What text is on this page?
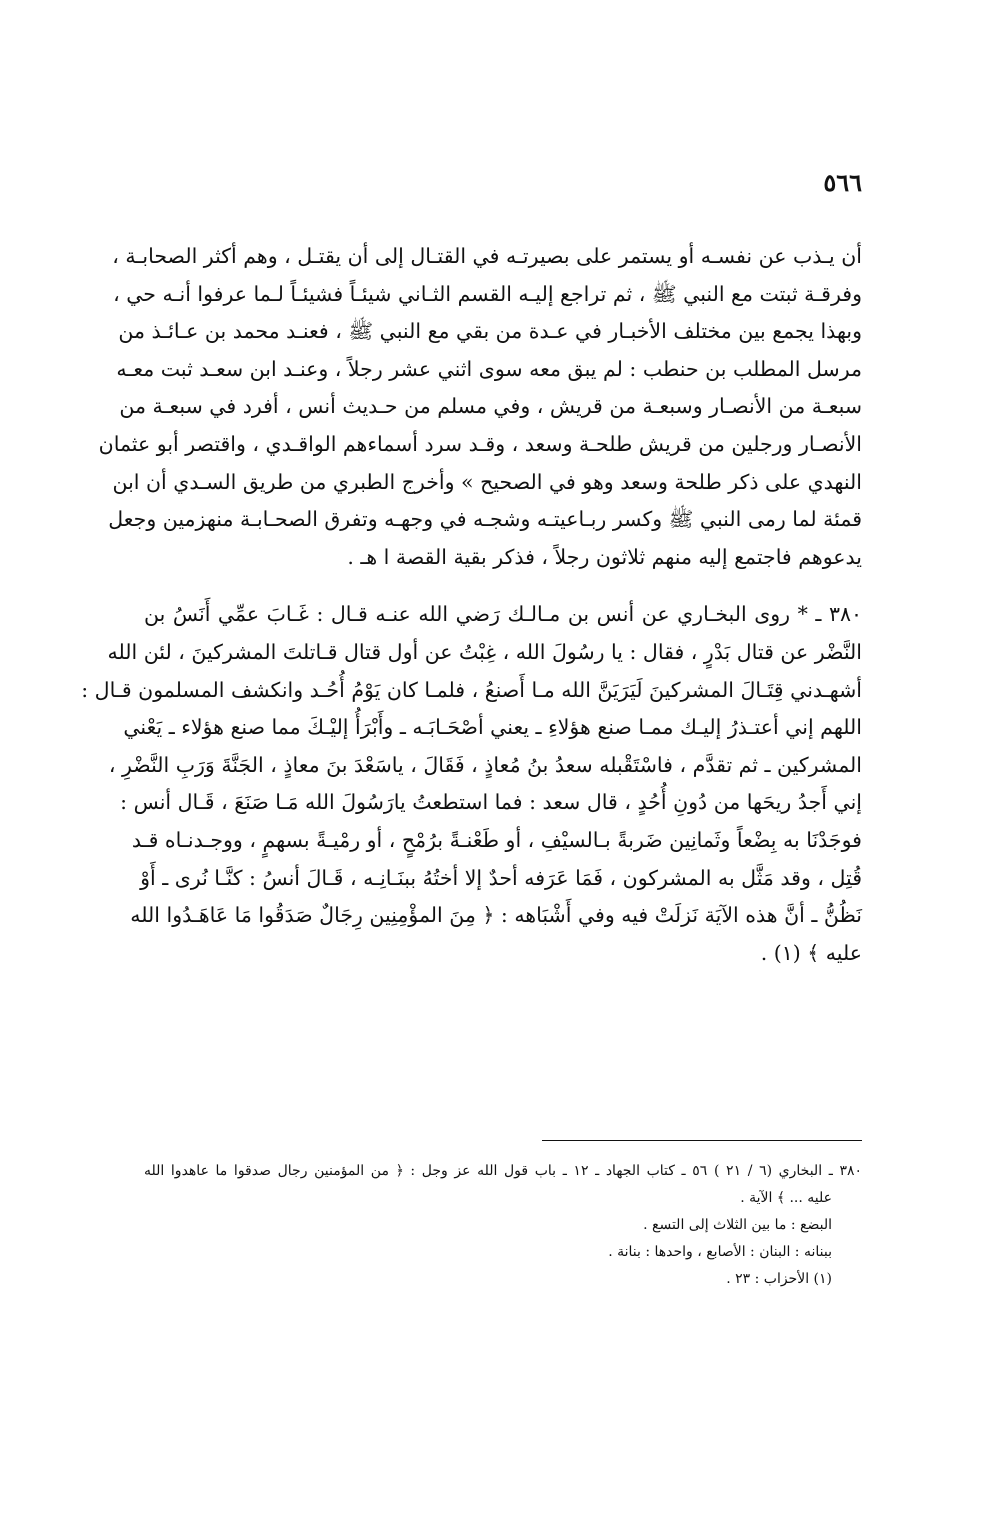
٥٦٦
أن يـذب عن نفسـه أو يستمر على بصيرتـه في القتـال إلى أن يقتـل ، وهم أكثر الصحابـة ،
وفرقـة ثبتت مع النبي ﷺ ، ثم تراجع إليـه القسم الثـاني شيئـاً فشيئـاً لـما عرفوا أنـه حي ،
وبهذا يجمع بين مختلف الأخبـار في عـدة من بقي مع النبي ﷺ ، فعنـد محمد بن عـائـذ من
مرسل المطلب بن حنطب : لم يبق معه سوى اثني عشر رجلاً ، وعنـد ابن سعـد ثبت معـه
سبعـة من الأنصـار وسبعـة من قريش ، وفي مسلم من حـديث أنس ، أفرد في سبعـة من
الأنصـار ورجلين من قريش طلحـة وسعد ، وقـد سرد أسماءهم الواقـدي ، واقتصر أبو عثمان
النهدي على ذكر طلحة وسعد وهو في الصحيح » وأخرج الطبري من طريق السـدي أن ابن
قمئة لما رمى النبي ﷺ وكسر ربـاعيتـه وشجـه في وجهـه وتفرق الصحـابـة منهزمين وجعل
يدعوهم فاجتمع إليه منهم ثلاثون رجلاً ، فذكر بقية القصة ا هـ .
٣٨٠ ـ * روى البخـاري عن أنس بن مـالـك رَضي الله عنـه قـال : غَـابَ عمِّي أَنَسُ بن
النَّضْر عن قتال بَدْرٍ ، فقال : يا رسُولَ الله ، غِبْتُ عن أول قتال قـاتلتَ المشركينَ ، لئن الله
أشهـدني قِتَـالَ المشركينَ لَيَرَيَنَّ الله مـا أَصنعُ ، فلمـا كان يَوْمُ أُحُـد وانكشف المسلمون قـال :
اللهم إني أعتـذرُ إليـك ممـا صنع هؤلاءِ ـ يعني أصْحَـابَـه ـ وأَبْرَأُ إليْـكَ مما صنع هؤلاء ـ يَعْني
المشركين ـ ثم تقدَّم ، فاسْتَقْبله سعدُ بنُ مُعاذٍ ، فَقَالَ ، ياسَعْدَ بنَ معاذٍ ، الجَنَّةَ وَرَبِ النَّضْرِ ،
إني أَجدُ ريحَها من دُونِ أُحُدٍ ، قال سعد : فما استطعتُ يارَسُولَ الله مَـا صَنَعَ ، قَـال أنس :
فوجَدْنَا به بِضْعاً وثَمانِين ضَربةً بـالسيْفِ ، أو طَعْنـةً برُمْحٍ ، أو رمْيـةً بسهمٍ ، ووجـدنـاه قـد
قُتِل ، وقد مَثَّل به المشركون ، فَمَا عَرَفه أحدٌ إلا أختُهُ ببنَـانِـه ، قَـالَ أنسُ : كنَّـا نُرى ـ أَوْ
نَظُنُّ ـ أنَّ هذه الآيَة نَزلَتْ فيه وفي أَشْبَاهه : ﴿ مِنَ المؤْمِنِين رِجَالٌ صَدَقُوا مَا عَاهَـدُوا الله
عليه ﴾ (١) .
٣٨٠ ـ البخاري (٦ / ٢١ ) ٥٦ ـ كتاب الجهاد ـ ١٢ ـ باب قول الله عز وجل : ﴿ من المؤمنين رجال صدقوا ما عاهدوا الله
عليه ... ﴾ الآية .
البضع : ما بين الثلاث إلى التسع .
ببنانه : البنان : الأصابع ، واحدها : بنانة .
(١) الأحزاب : ٢٣ .
